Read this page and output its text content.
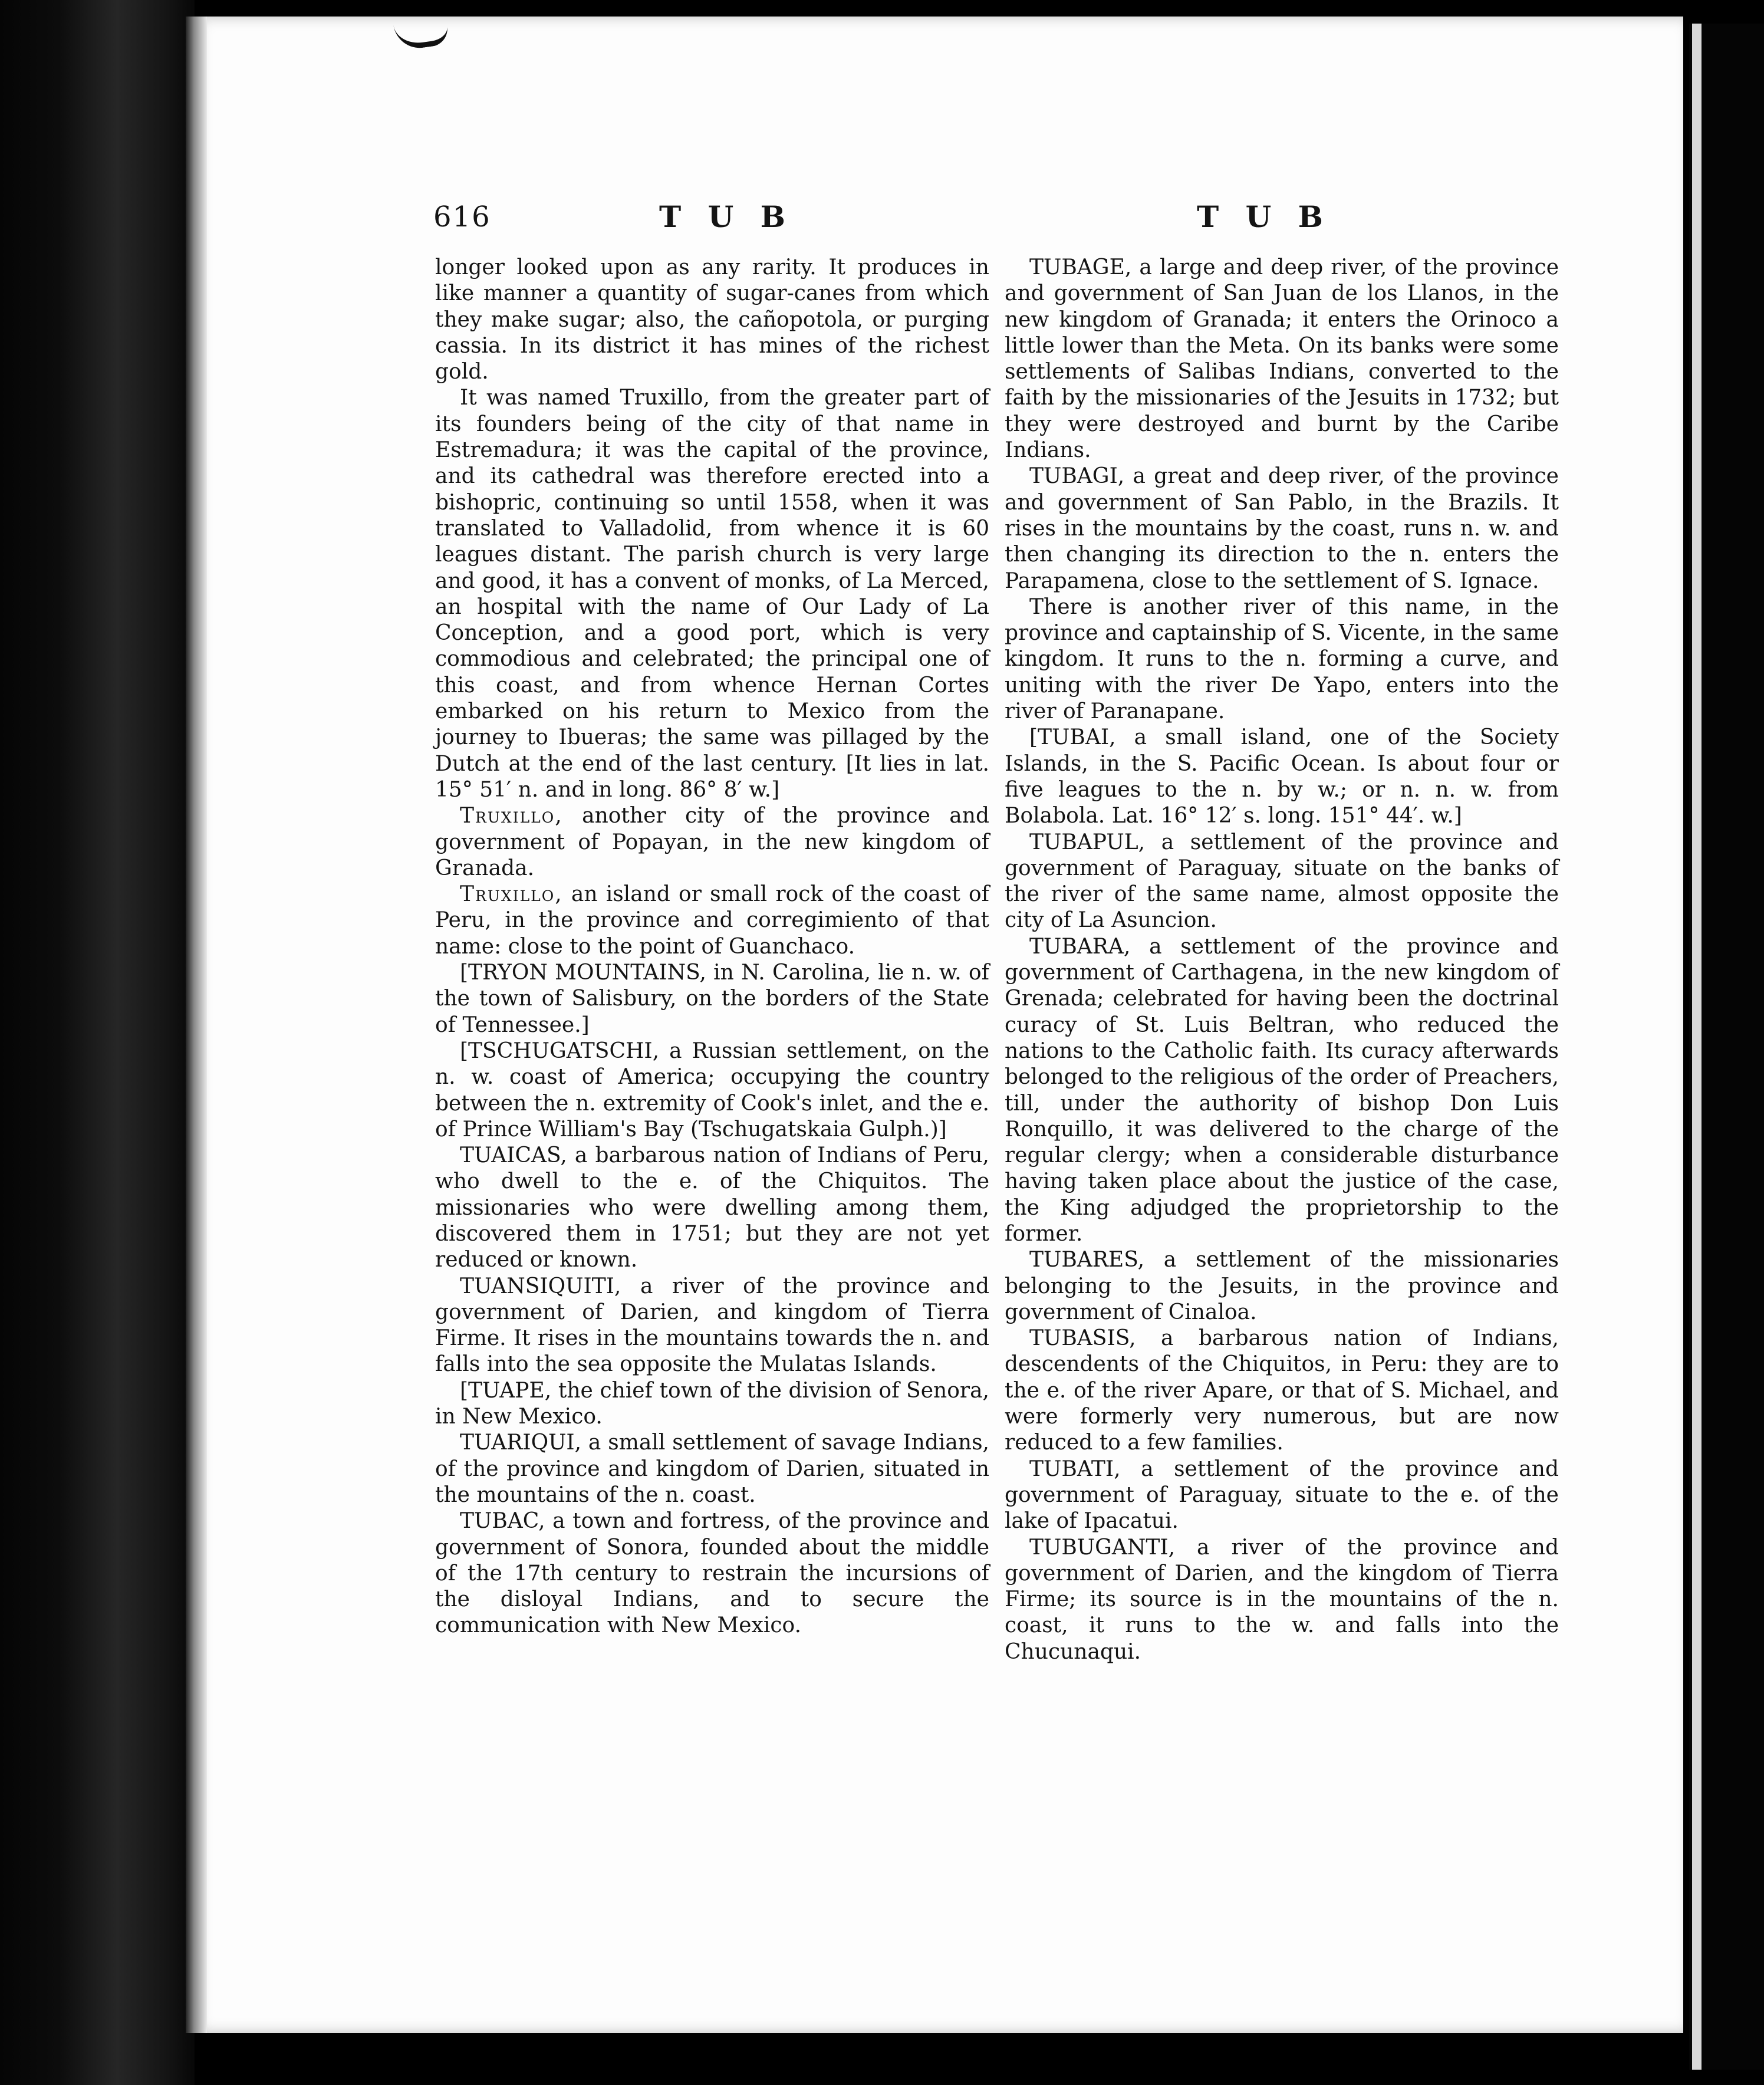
616	T U B	T U B

longer looked upon as any rarity. It produces in like manner a quantity of sugar-canes from which they make sugar; also, the cañopotola, or purging cassia. In its district it has mines of the richest gold.

It was named Truxillo, from the greater part of its founders being of the city of that name in Estremadura; it was the capital of the province, and its cathedral was therefore erected into a bishopric, continuing so until 1558, when it was translated to Valladolid, from whence it is 60 leagues distant. The parish church is very large and good, it has a convent of monks, of La Merced, an hospital with the name of Our Lady of La Conception, and a good port, which is very commodious and celebrated; the principal one of this coast, and from whence Hernan Cortes embarked on his return to Mexico from the journey to Ibueras; the same was pillaged by the Dutch at the end of the last century. [It lies in lat. 15° 51′ n. and in long. 86° 8′ w.]

Truxillo, another city of the province and government of Popayan, in the new kingdom of Granada.

Truxillo, an island or small rock of the coast of Peru, in the province and corregimiento of that name: close to the point of Guanchaco.

[TRYON MOUNTAINS, in N. Carolina, lie n. w. of the town of Salisbury, on the borders of the State of Tennessee.]

[TSCHUGATSCHI, a Russian settlement, on the n. w. coast of America; occupying the country between the n. extremity of Cook's inlet, and the e. of Prince William's Bay (Tschugatskaia Gulph.)]

TUAICAS, a barbarous nation of Indians of Peru, who dwell to the e. of the Chiquitos. The missionaries who were dwelling among them, discovered them in 1751; but they are not yet reduced or known.

TUANSIQUITI, a river of the province and government of Darien, and kingdom of Tierra Firme. It rises in the mountains towards the n. and falls into the sea opposite the Mulatas Islands.

[TUAPE, the chief town of the division of Senora, in New Mexico.

TUARIQUI, a small settlement of savage Indians, of the province and kingdom of Darien, situated in the mountains of the n. coast.

TUBAC, a town and fortress, of the province and government of Sonora, founded about the middle of the 17th century to restrain the incursions of the disloyal Indians, and to secure the communication with New Mexico.

TUBAGE, a large and deep river, of the province and government of San Juan de los Llanos, in the new kingdom of Granada; it enters the Orinoco a little lower than the Meta. On its banks were some settlements of Salibas Indians, converted to the faith by the missionaries of the Jesuits in 1732; but they were destroyed and burnt by the Caribe Indians.

TUBAGI, a great and deep river, of the province and government of San Pablo, in the Brazils. It rises in the mountains by the coast, runs n. w. and then changing its direction to the n. enters the Parapamena, close to the settlement of S. Ignace.

There is another river of this name, in the province and captainship of S. Vicente, in the same kingdom. It runs to the n. forming a curve, and uniting with the river De Yapo, enters into the river of Paranapane.

[TUBAI, a small island, one of the Society Islands, in the S. Pacific Ocean. Is about four or five leagues to the n. by w.; or n. n. w. from Bolabola. Lat. 16° 12′ s. long. 151° 44′. w.]

TUBAPUL, a settlement of the province and government of Paraguay, situate on the banks of the river of the same name, almost opposite the city of La Asuncion.

TUBARA, a settlement of the province and government of Carthagena, in the new kingdom of Grenada; celebrated for having been the doctrinal curacy of St. Luis Beltran, who reduced the nations to the Catholic faith. Its curacy afterwards belonged to the religious of the order of Preachers, till, under the authority of bishop Don Luis Ronquillo, it was delivered to the charge of the regular clergy; when a considerable disturbance having taken place about the justice of the case, the King adjudged the proprietorship to the former.

TUBARES, a settlement of the missionaries belonging to the Jesuits, in the province and government of Cinaloa.

TUBASIS, a barbarous nation of Indians, descendents of the Chiquitos, in Peru: they are to the e. of the river Apare, or that of S. Michael, and were formerly very numerous, but are now reduced to a few families.

TUBATI, a settlement of the province and government of Paraguay, situate to the e. of the lake of Ipacatui.

TUBUGANTI, a river of the province and government of Darien, and the kingdom of Tierra Firme; its source is in the mountains of the n. coast, it runs to the w. and falls into the Chucunaqui.
